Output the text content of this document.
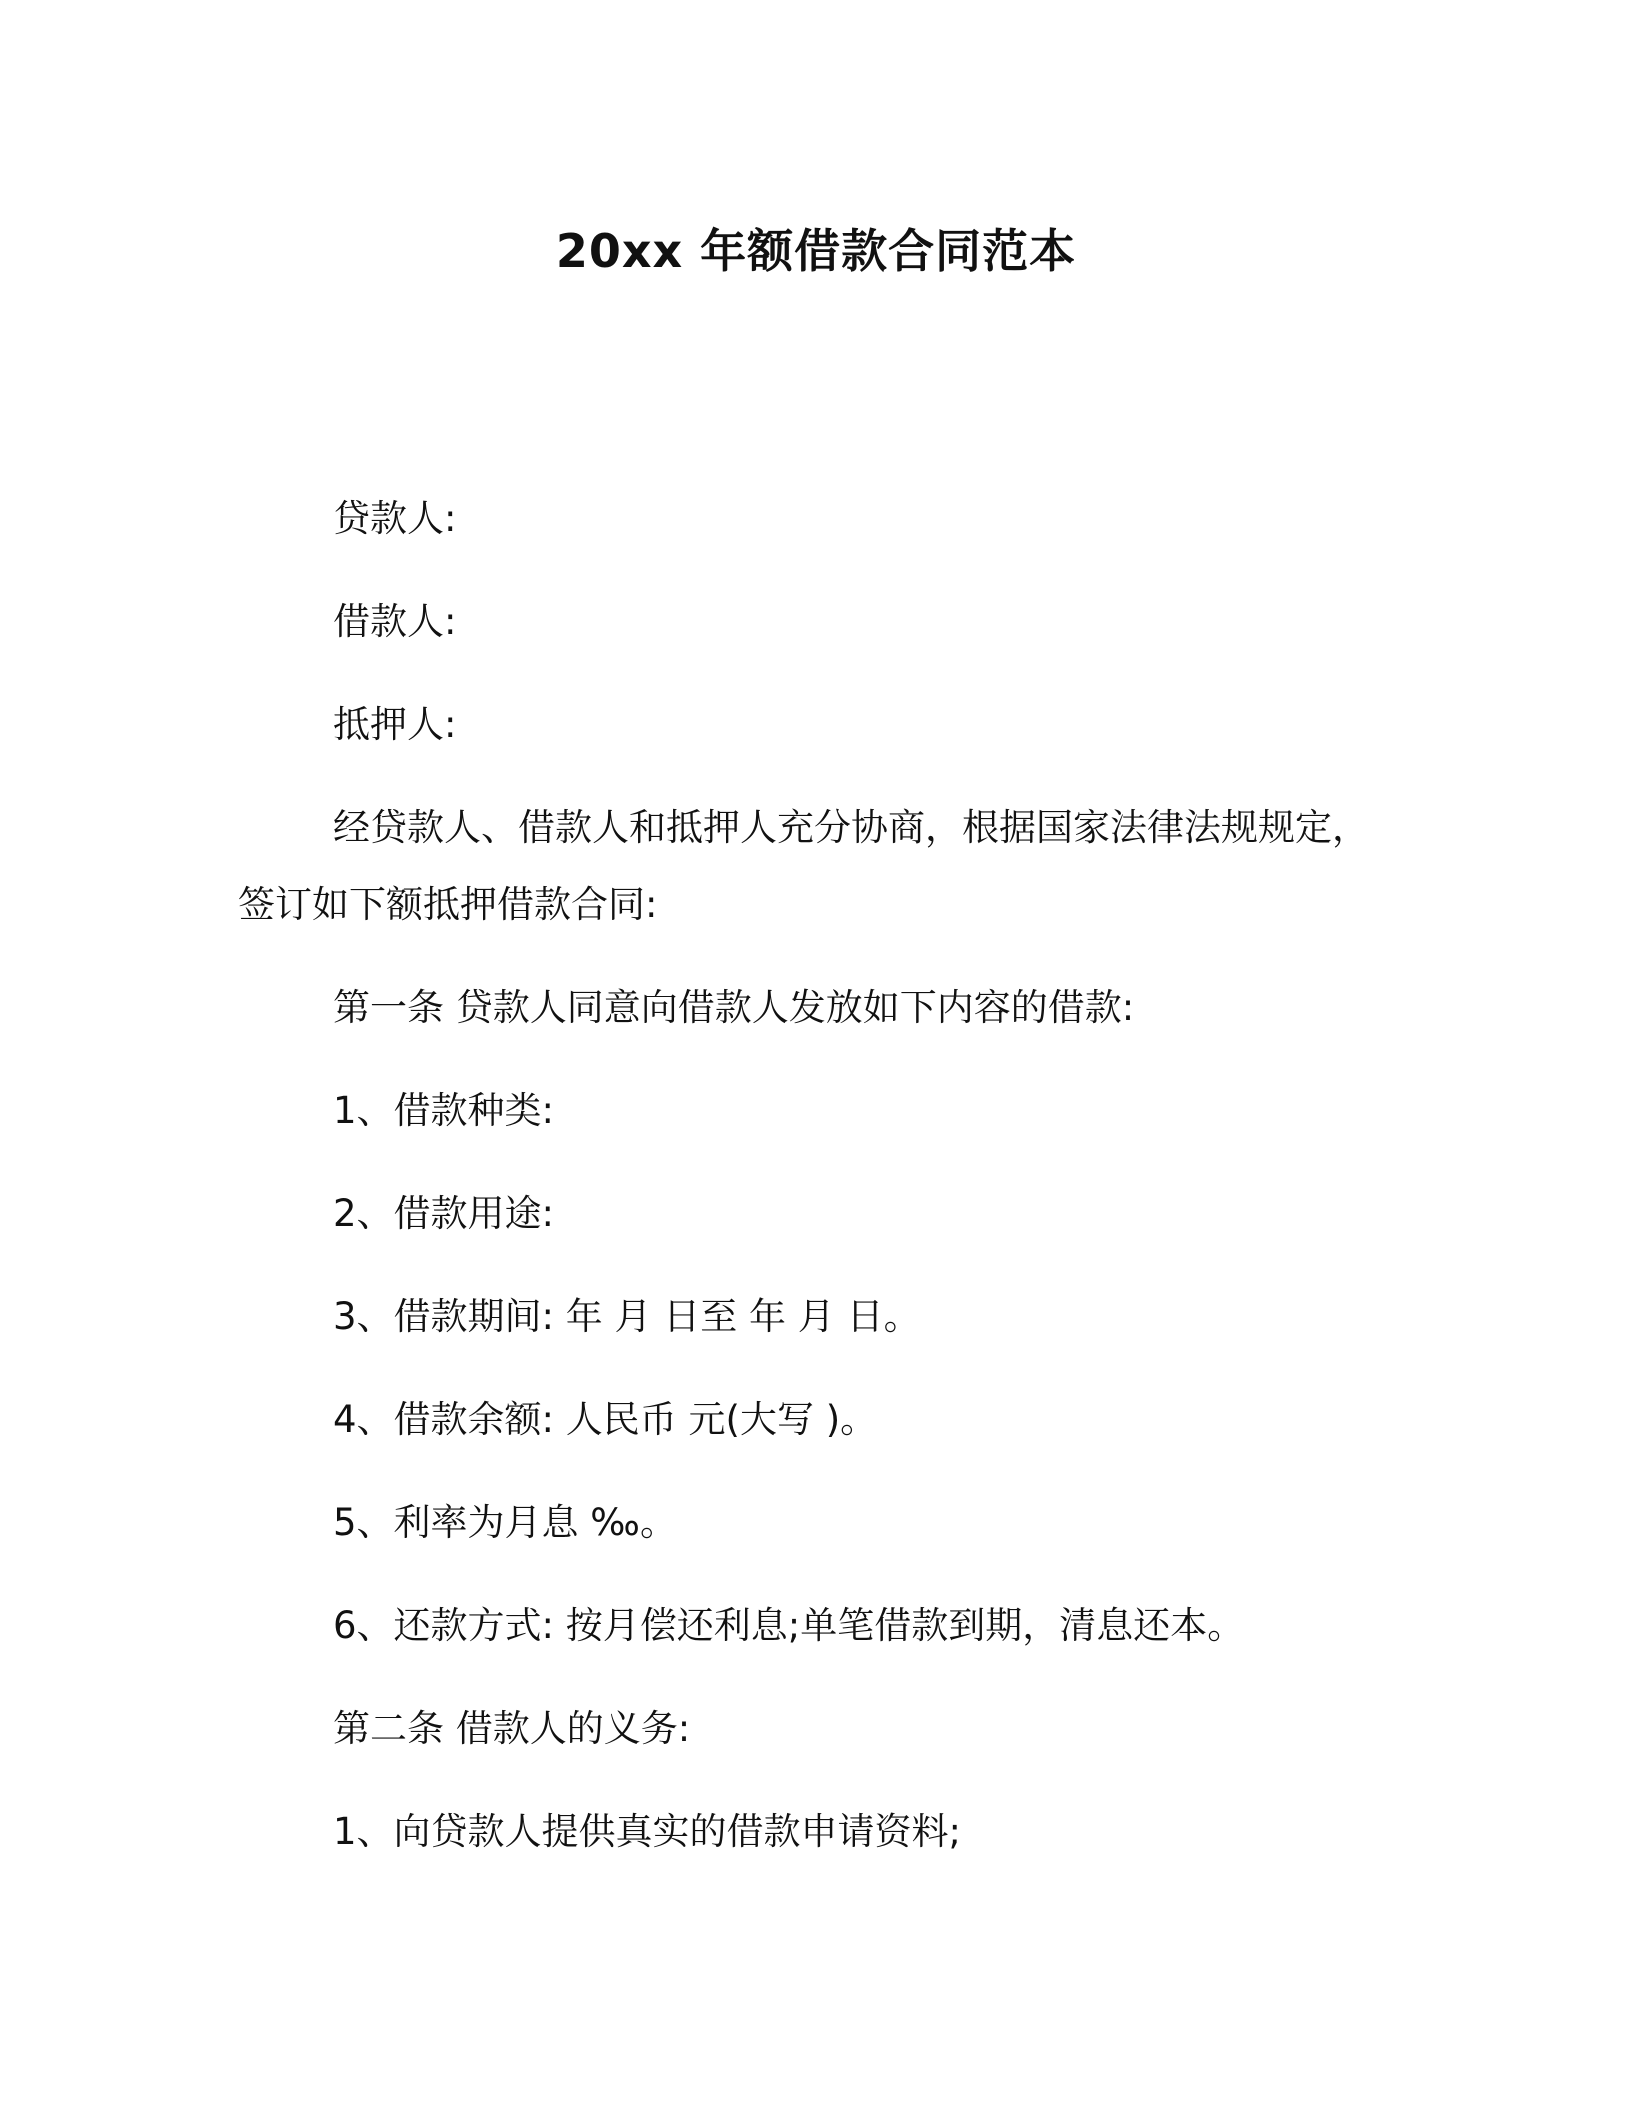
20xx 年额借款合同范本
贷款人:
借款人:
抵押人:
经贷款人、借款人和抵押人充分协商，根据国家法律法规规定，
签订如下额抵押借款合同:
第一条 贷款人同意向借款人发放如下内容的借款:
1、借款种类:
2、借款用途:
3、借款期间: 年 月 日至 年 月 日。
4、借款余额: 人民币 元(大写 )。
5、利率为月息 ‰。
6、还款方式: 按月偿还利息;单笔借款到期，清息还本。
第二条 借款人的义务:
1、向贷款人提供真实的借款申请资料;
